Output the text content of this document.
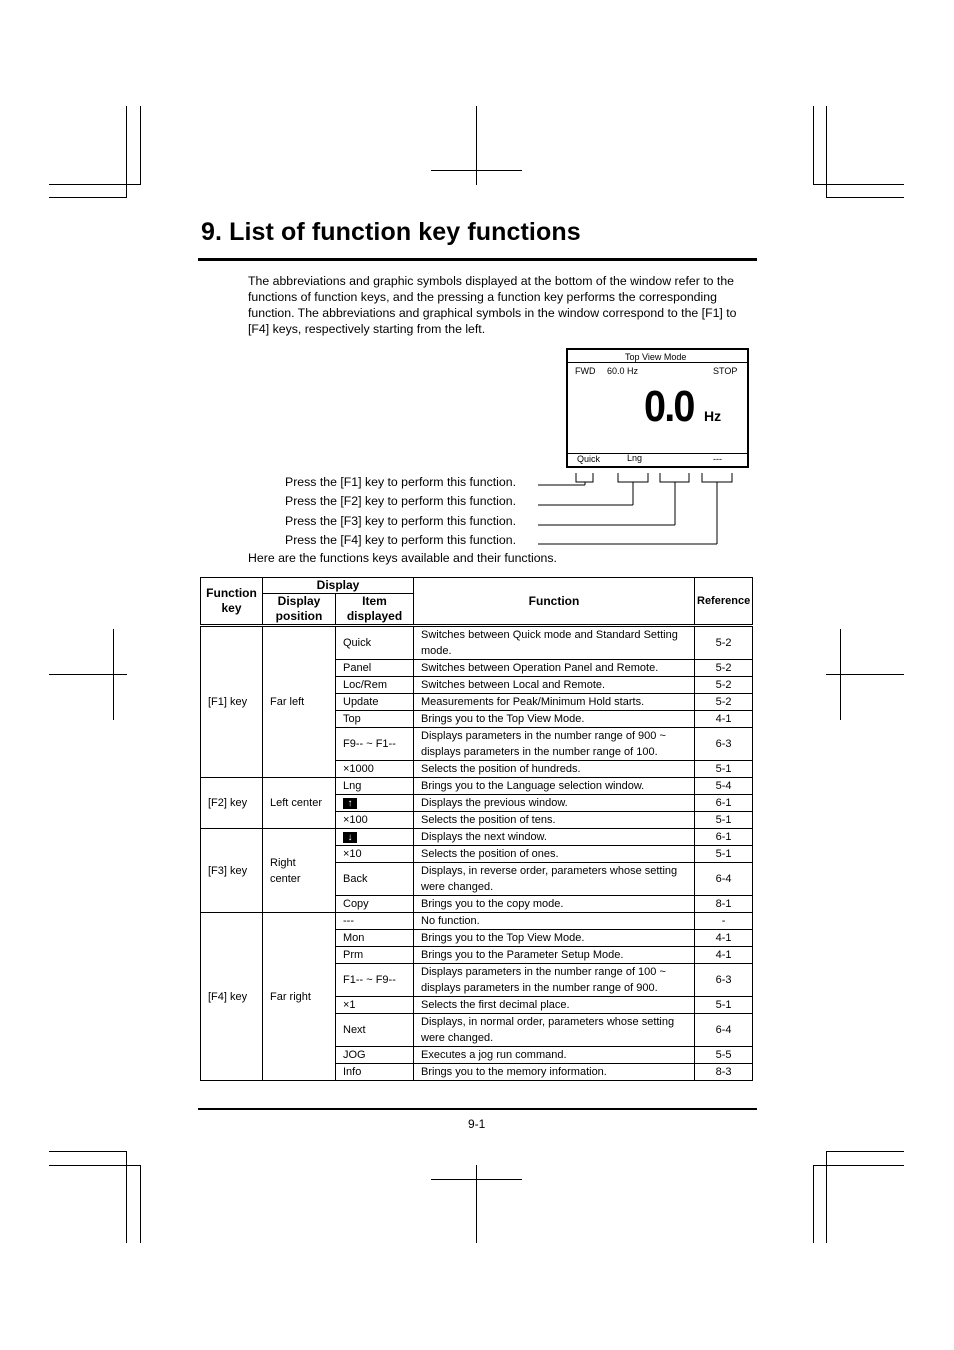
9. List of function key functions
The abbreviations and graphic symbols displayed at the bottom of the window refer to the functions of function keys, and the pressing a function key performs the corresponding function. The abbreviations and graphical symbols in the window correspond to the [F1] to [F4] keys, respectively starting from the left.
Top View Mode
FWD 60.0 Hz	STOP
0.0 Hz
Quick	Lng	---
Press the [F1] key to perform this function.
Press the [F2] key to perform this function.
Press the [F3] key to perform this function.
Press the [F4] key to perform this function.
Here are the functions keys available and their functions.
Function key	Display		Function	Reference
	Display position	Item displayed		
[F1] key	Far left	Quick	Switches between Quick mode and Standard Setting mode.	5-2
		Panel	Switches between Operation Panel and Remote.	5-2
		Loc/Rem	Switches between Local and Remote.	5-2
		Update	Measurements for Peak/Minimum Hold starts.	5-2
		Top	Brings you to the Top View Mode.	4-1
		F9-- ~ F1--	Displays parameters in the number range of 900 ~ displays parameters in the number range of 100.	6-3
		×1000	Selects the position of hundreds.	5-1
[F2] key	Left center	Lng	Brings you to the Language selection window.	5-4
		↑	Displays the previous window.	6-1
		×100	Selects the position of tens.	5-1
[F3] key	Right center	↓	Displays the next window.	6-1
		×10	Selects the position of ones.	5-1
		Back	Displays, in reverse order, parameters whose setting were changed.	6-4
		Copy	Brings you to the copy mode.	8-1
[F4] key	Far right	---	No function.	-
		Mon	Brings you to the Top View Mode.	4-1
		Prm	Brings you to the Parameter Setup Mode.	4-1
		F1-- ~ F9--	Displays parameters in the number range of 100 ~ displays parameters in the number range of 900.	6-3
		×1	Selects the first decimal place.	5-1
		Next	Displays, in normal order, parameters whose setting were changed.	6-4
		JOG	Executes a jog run command.	5-5
		Info	Brings you to the memory information.	8-3
9-1
